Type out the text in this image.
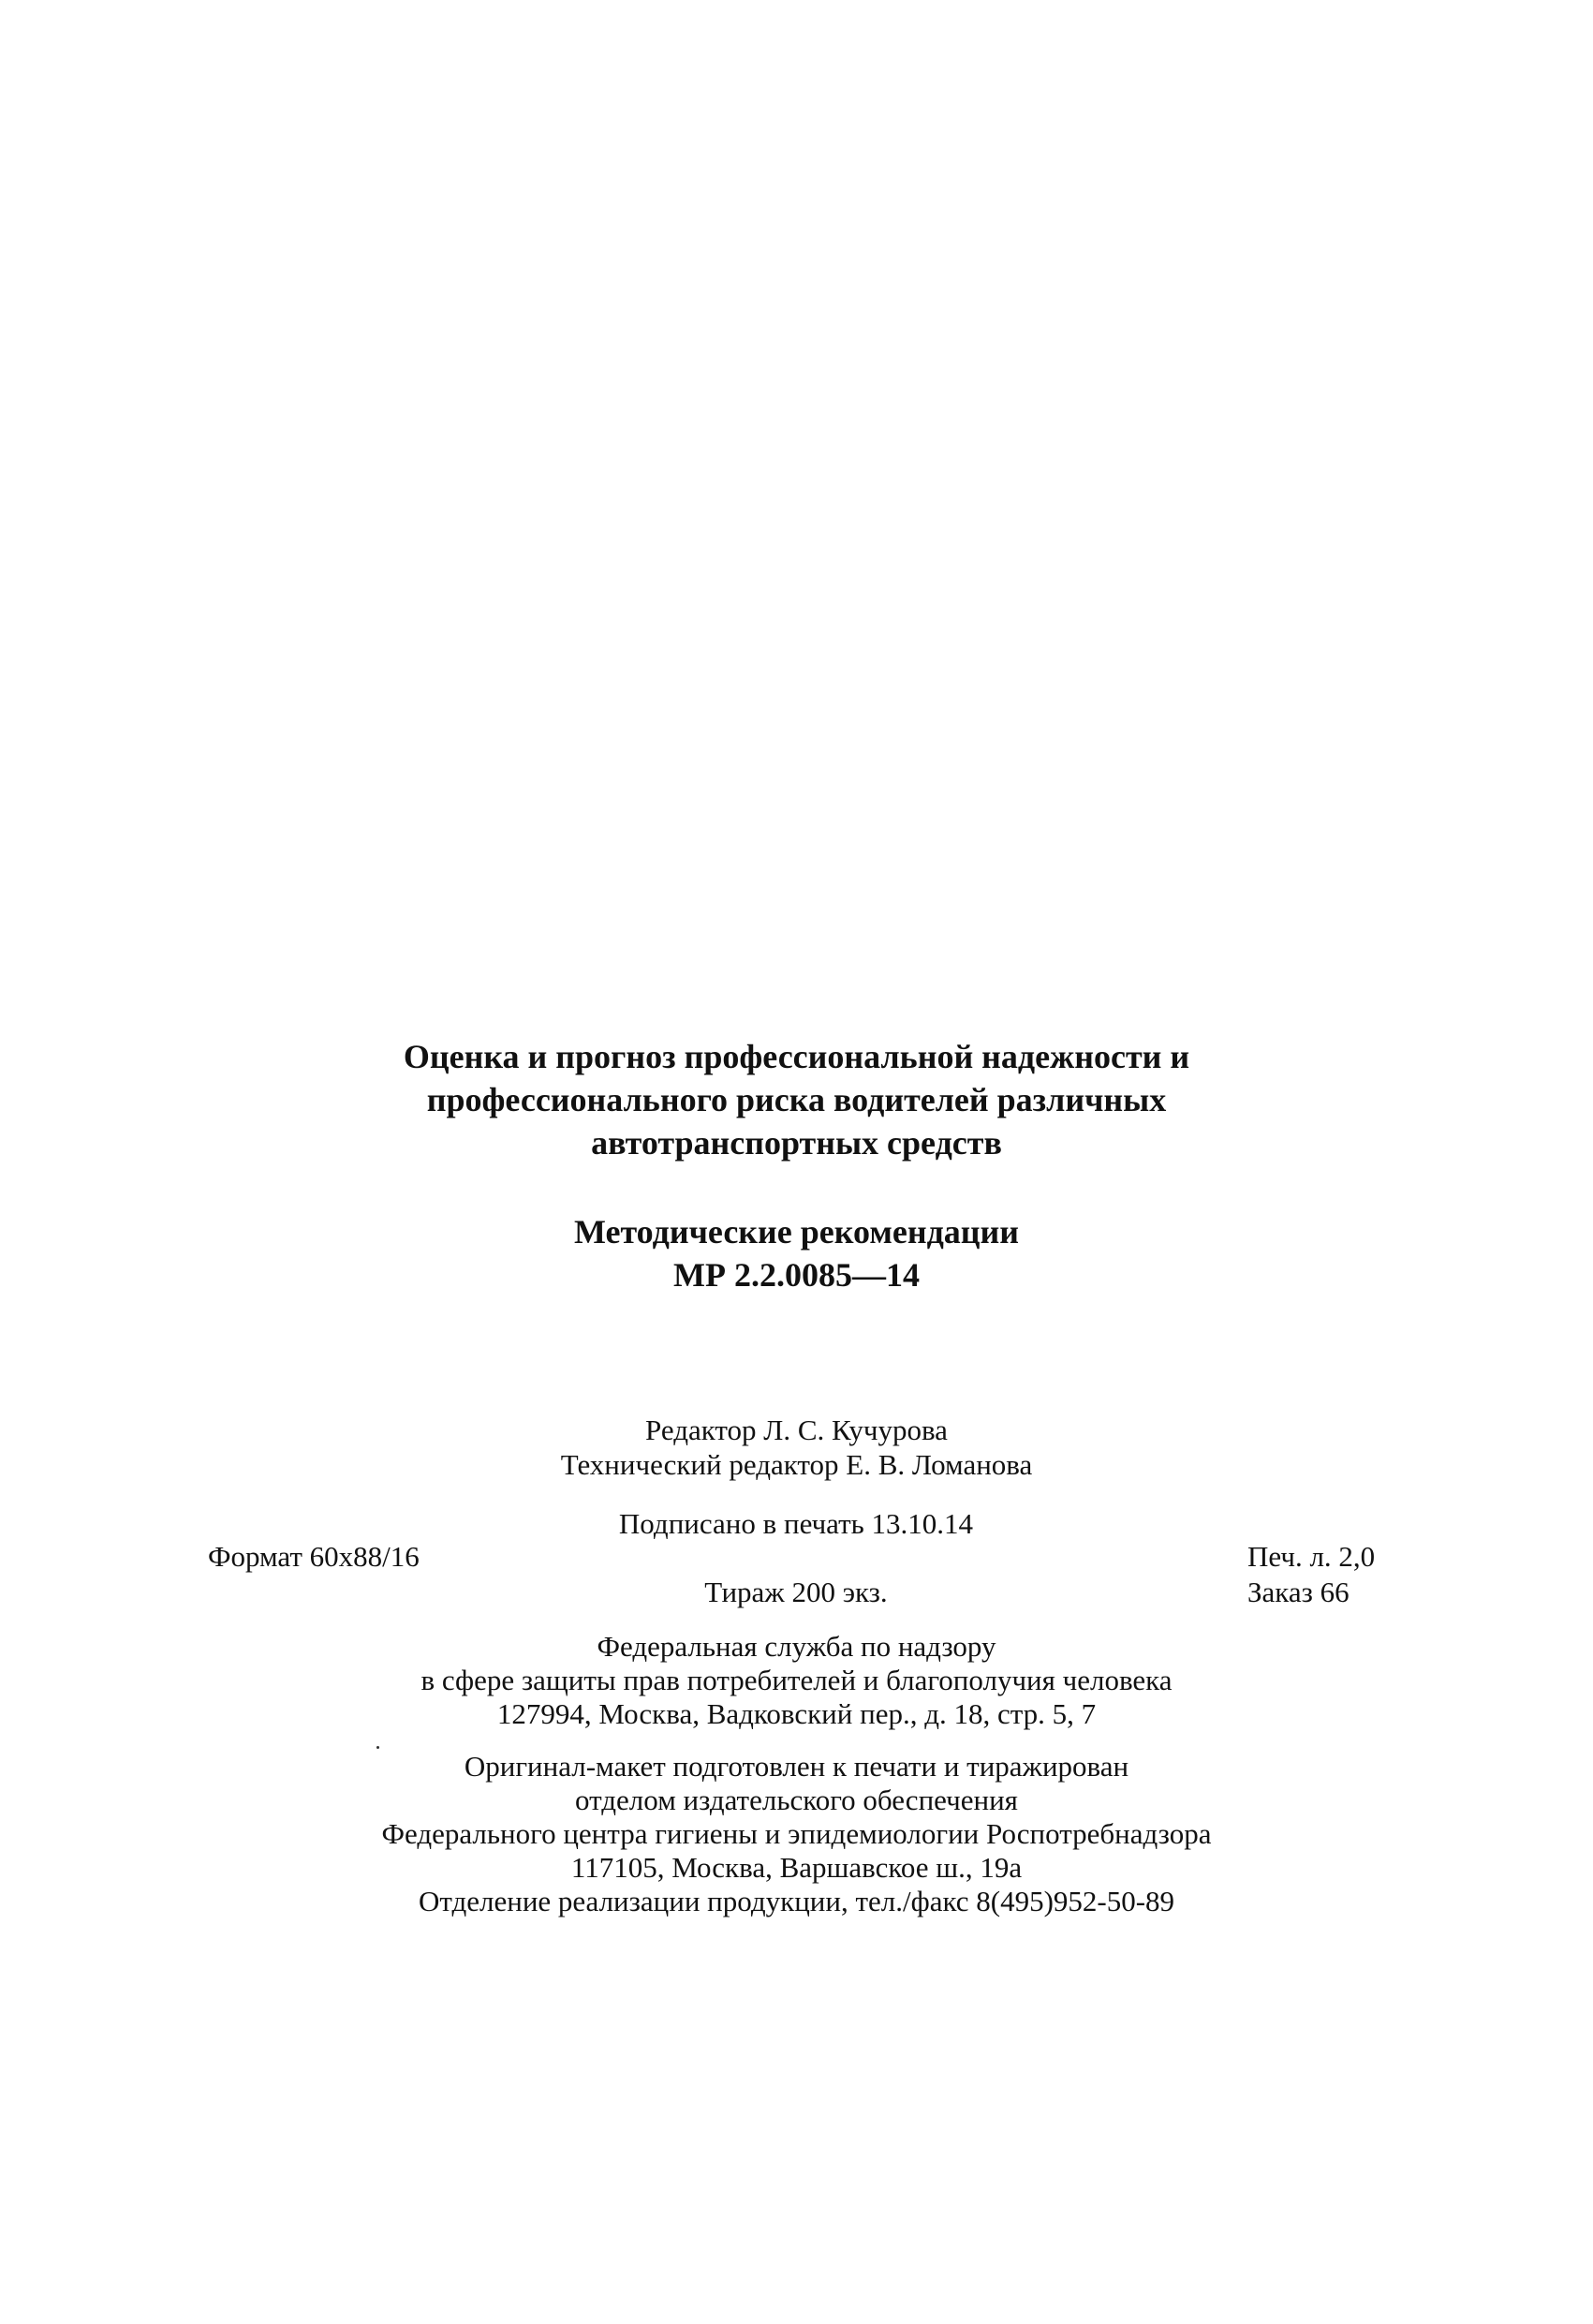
Оценка и прогноз профессиональной надежности и
профессионального риска водителей различных
автотранспортных средств
Методические рекомендации
МР 2.2.0085—14
Редактор Л. С. Кучурова
Технический редактор Е. В. Ломанова
Подписано в печать 13.10.14
Формат 60x88/16	Печ. л. 2,0
Тираж 200 экз.	Заказ 66
Федеральная служба по надзору
в сфере защиты прав потребителей и благополучия человека
127994, Москва, Вадковский пер., д. 18, стр. 5, 7
Оригинал-макет подготовлен к печати и тиражирован
отделом издательского обеспечения
Федерального центра гигиены и эпидемиологии Роспотребнадзора
117105, Москва, Варшавское ш., 19а
Отделение реализации продукции, тел./факс 8(495)952-50-89
